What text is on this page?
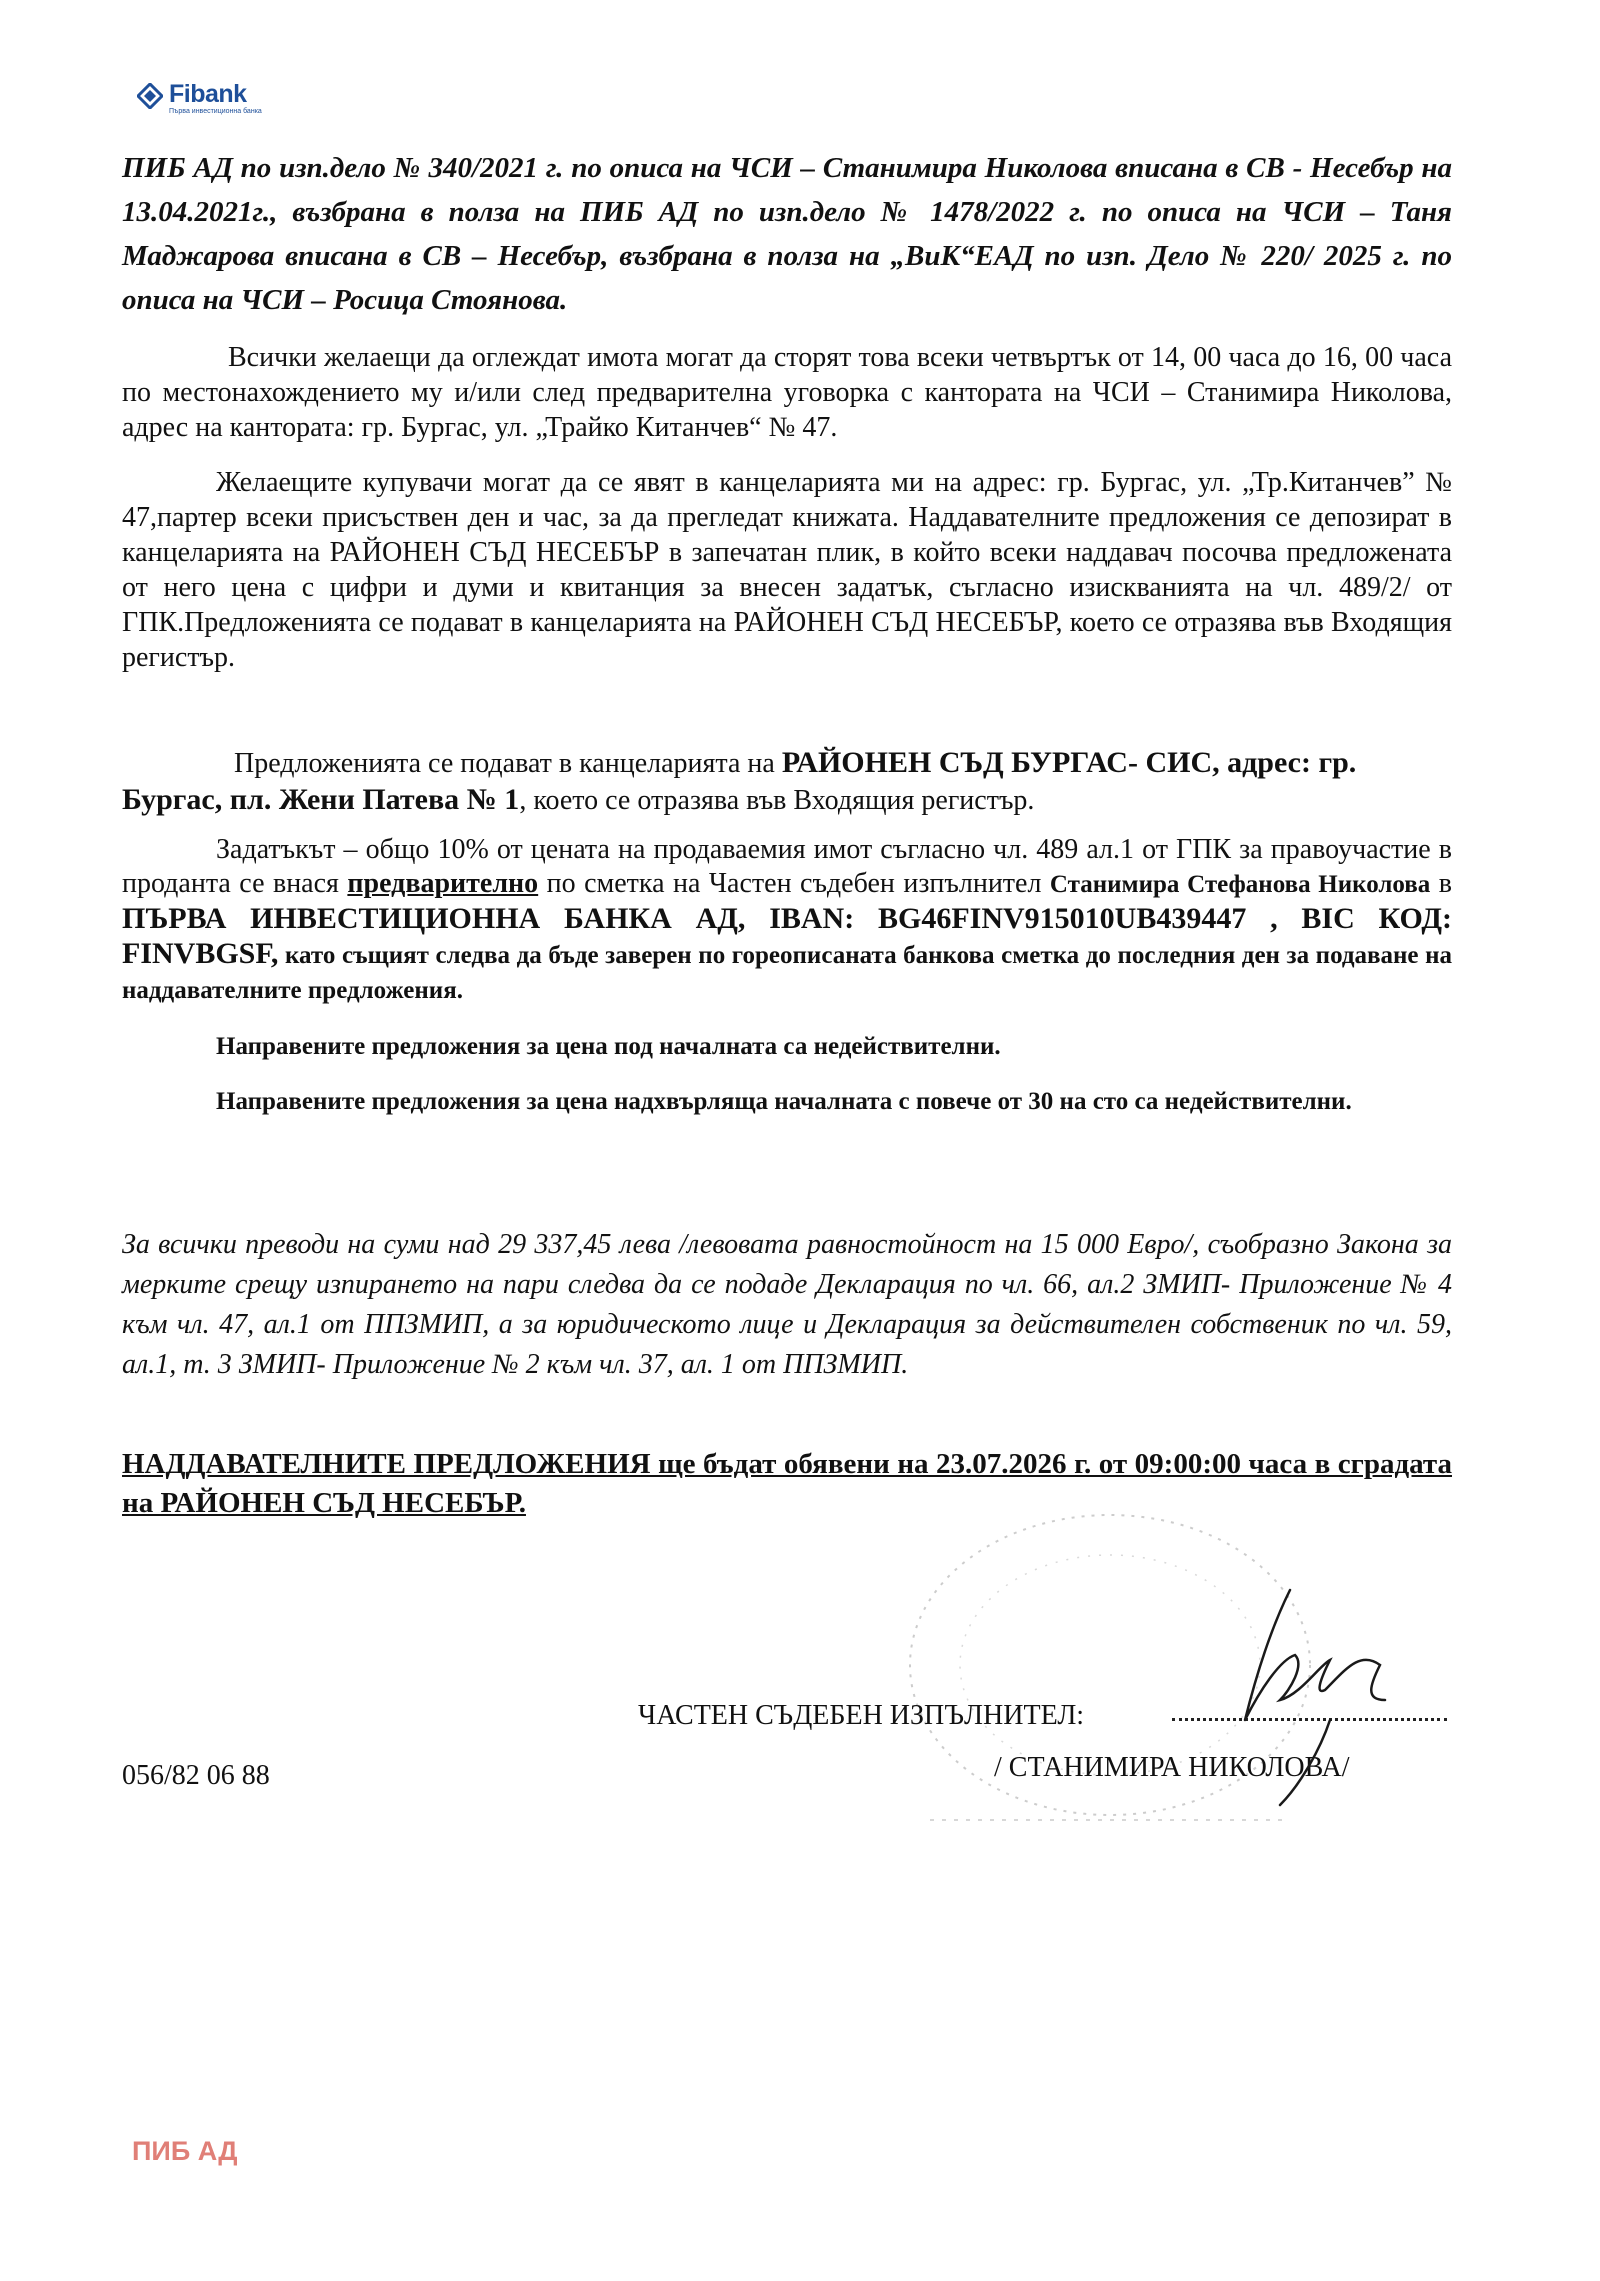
Fibank
Първа инвестиционна банка

ПИБ АД по изп.дело № 340/2021 г. по описа на ЧСИ – Станимира Николова вписана в СВ - Несебър на 13.04.2021г., възбрана в полза на ПИБ АД по изп.дело № 1478/2022 г. по описа на ЧСИ – Таня Маджарова вписана в СВ – Несебър, възбрана в полза на „ВиК“ЕАД по изп. Дело № 220/ 2025 г. по описа на ЧСИ – Росица Стоянова.

Всички желаещи да оглеждат имота могат да сторят това всеки четвъртък от 14, 00 часа до 16, 00 часа по местонахождението му и/или след предварителна уговорка с канторaта на ЧСИ – Станимира Николова, адрес на кантората: гр. Бургас, ул. „Трайко Китанчев“ № 47.

Желаещите купувачи могат да се явят в канцеларията ми на адрес: гр. Бургас, ул. „Тр.Китанчев” № 47,партер всеки присъствен ден и час, за да прегледат книжата. Наддавателните предложения се депозират в канцеларията на РАЙОНЕН СЪД НЕСЕБЪР в запечатан плик, в който всеки наддавач посочва предложената от него цена с цифри и думи и квитанция за внесен задатък, съгласно изискванията на чл. 489/2/ от ГПК.Предложенията се подават в канцеларията на РАЙОНЕН СЪД НЕСЕБЪР, което се отразява във Входящия регистър.

Предложенията се подават в канцеларията на РАЙОНЕН СЪД БУРГАС- СИС, адрес: гр. Бургас, пл. Жени Патева № 1, което се отразява във Входящия регистър.

Задатъкът – общо 10% от цената на продаваемия имот съгласно чл. 489 ал.1 от ГПК за правоучастие в проданта се внася предварително по сметка на Частен съдебен изпълнител Станимира Стефанова Николова в ПЪРВА ИНВЕСТИЦИОННА БАНКА АД, IBAN: BG46FINV915010UB439447 , BIC КОД: FINVBGSF, като същият следва да бъде заверен по гореописаната банкова сметка до последния ден за подаване на наддавателните предложения.

Направените предложения за цена под началната са недействителни.

Направените предложения за цена надхвърляща началната с повече от 30 на сто са недействителни.

За всички преводи на суми над 29 337,45 лева /левовата равностойност на 15 000 Евро/, съобразно Закона за мерките срещу изпирането на пари следва да се подаде Декларация по чл. 66, ал.2 ЗМИП- Приложение № 4 към чл. 47, ал.1 от ППЗМИП, а за юридическото лице и Декларация за действителен собственик по чл. 59, ал.1, т. 3 ЗМИП- Приложение № 2 към чл. 37, ал. 1 от ППЗМИП.

НАДДАВАТЕЛНИТЕ ПРЕДЛОЖЕНИЯ ще бъдат обявени на 23.07.2026 г. от 09:00:00 часа в сградата на РАЙОНЕН СЪД НЕСЕБЪР.

ЧАСТЕН СЪДЕБЕН ИЗПЪЛНИТЕЛ:
/ СТАНИМИРА НИКОЛОВА/
056/82 06 88
ПИБ АД
